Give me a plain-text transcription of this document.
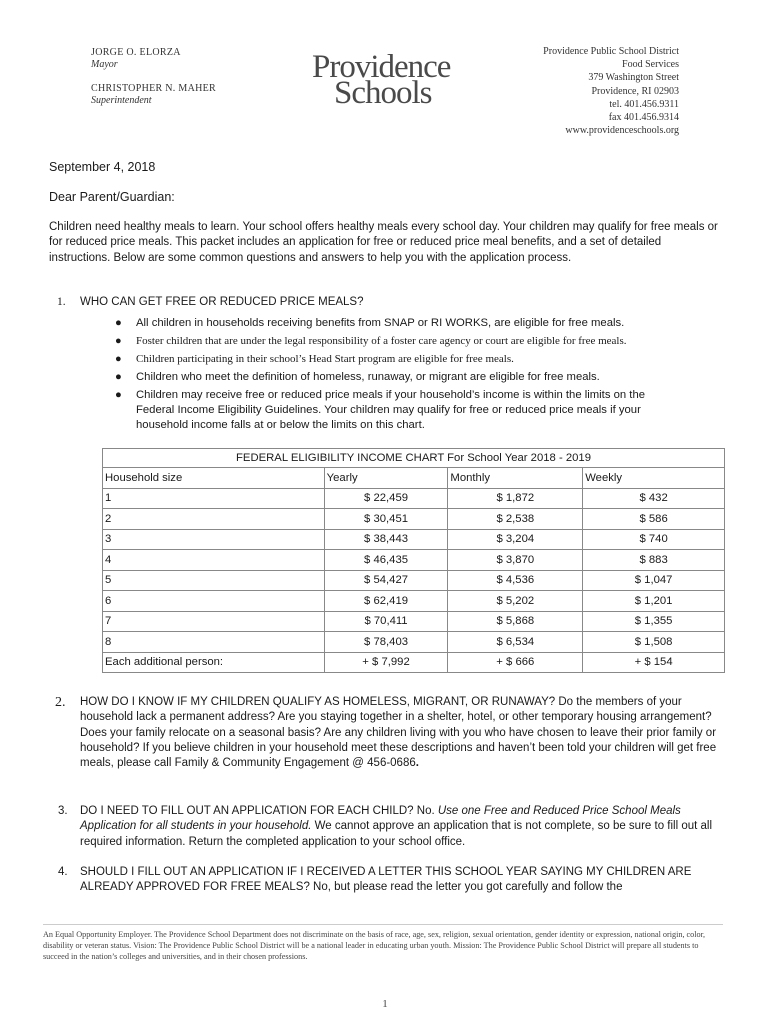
JORGE O. ELORZA
Mayor
CHRISTOPHER N. MAHER
Superintendent
Providence
Schools
Providence Public School District
Food Services
379 Washington Street
Providence, RI 02903
tel. 401.456.9311
fax 401.456.9314
www.providenceschools.org
September 4, 2018
Dear Parent/Guardian:
Children need healthy meals to learn. Your school offers healthy meals every school day. Your children may qualify for free meals or for reduced price meals. This packet includes an application for free or reduced price meal benefits, and a set of detailed instructions. Below are some common questions and answers to help you with the application process.
1. WHO CAN GET FREE OR REDUCED PRICE MEALS?
● All children in households receiving benefits from SNAP or RI WORKS, are eligible for free meals.
● Foster children that are under the legal responsibility of a foster care agency or court are eligible for free meals.
● Children participating in their school’s Head Start program are eligible for free meals.
● Children who meet the definition of homeless, runaway, or migrant are eligible for free meals.
● Children may receive free or reduced price meals if your household’s income is within the limits on the Federal Income Eligibility Guidelines. Your children may qualify for free or reduced price meals if your household income falls at or below the limits on this chart.
FEDERAL ELIGIBILITY INCOME CHART For School Year 2018 - 2019			
Household size	Yearly	Monthly	Weekly
1	$ 22,459	$ 1,872	$ 432
2	$ 30,451	$ 2,538	$ 586
3	$ 38,443	$ 3,204	$ 740
4	$ 46,435	$ 3,870	$ 883
5	$ 54,427	$ 4,536	$ 1,047
6	$ 62,419	$ 5,202	$ 1,201
7	$ 70,411	$ 5,868	$ 1,355
8	$ 78,403	$ 6,534	$ 1,508
Each additional person:	+ $ 7,992	+ $ 666	+ $ 154
2. HOW DO I KNOW IF MY CHILDREN QUALIFY AS HOMELESS, MIGRANT, OR RUNAWAY? Do the members of your household lack a permanent address? Are you staying together in a shelter, hotel, or other temporary housing arrangement? Does your family relocate on a seasonal basis? Are any children living with you who have chosen to leave their prior family or household? If you believe children in your household meet these descriptions and haven’t been told your children will get free meals, please call Family & Community Engagement @ 456-0686.
3. DO I NEED TO FILL OUT AN APPLICATION FOR EACH CHILD? No. Use one Free and Reduced Price School Meals Application for all students in your household. We cannot approve an application that is not complete, so be sure to fill out all required information. Return the completed application to your school office.
4. SHOULD I FILL OUT AN APPLICATION IF I RECEIVED A LETTER THIS SCHOOL YEAR SAYING MY CHILDREN ARE ALREADY APPROVED FOR FREE MEALS? No, but please read the letter you got carefully and follow the
An Equal Opportunity Employer. The Providence School Department does not discriminate on the basis of race, age, sex, religion, sexual orientation, gender identity or expression, national origin, color, disability or veteran status. Vision: The Providence Public School District will be a national leader in educating urban youth. Mission: The Providence Public School District will prepare all students to succeed in the nation’s colleges and universities, and in their chosen professions.
1
